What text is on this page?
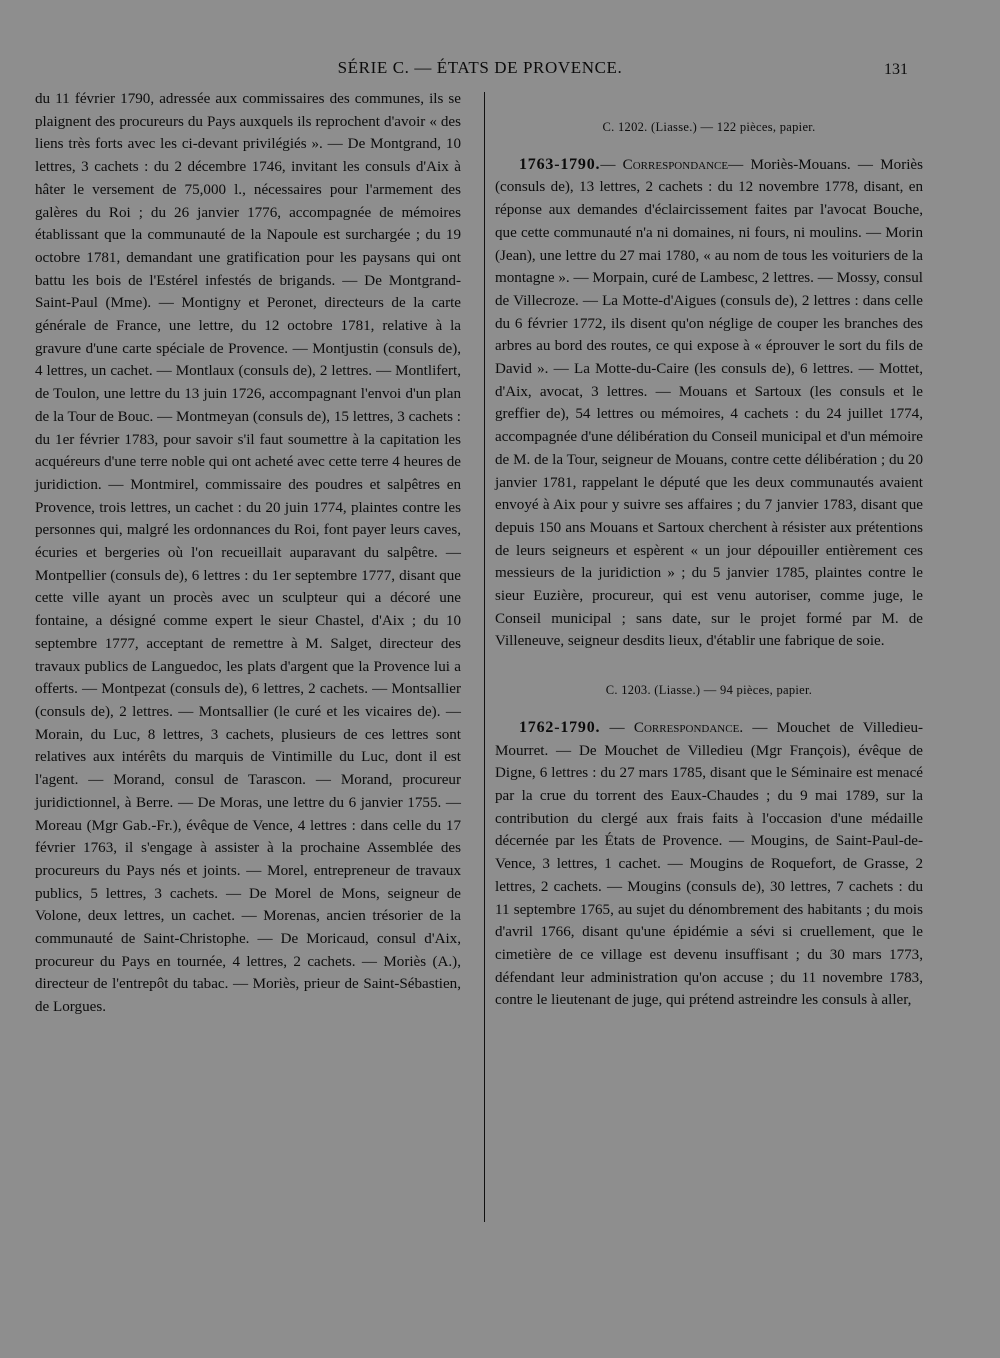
SÉRIE C. — ÉTATS DE PROVENCE.	131

du 11 février 1790, adressée aux commissaires des communes, ils se plaignent des procureurs du Pays auxquels ils reprochent d'avoir « des liens très forts avec les ci-devant privilégiés ». — De Montgrand, 10 lettres, 3 cachets : du 2 décembre 1746, invitant les consuls d'Aix à hâter le versement de 75,000 l., nécessaires pour l'armement des galères du Roi ; du 26 janvier 1776, accompagnée de mémoires établissant que la communauté de la Napoule est surchargée ; du 19 octobre 1781, demandant une gratification pour les paysans qui ont battu les bois de l'Estérel infestés de brigands. — De Montgrand-Saint-Paul (Mme). — Montigny et Peronet, directeurs de la carte générale de France, une lettre, du 12 octobre 1781, relative à la gravure d'une carte spéciale de Provence. — Montjustin (consuls de), 4 lettres, un cachet. — Montlaux (consuls de), 2 lettres. — Montlifert, de Toulon, une lettre du 13 juin 1726, accompagnant l'envoi d'un plan de la Tour de Bouc. — Montmeyan (consuls de), 15 lettres, 3 cachets : du 1er février 1783, pour savoir s'il faut soumettre à la capitation les acquéreurs d'une terre noble qui ont acheté avec cette terre 4 heures de juridiction. — Montmirel, commissaire des poudres et salpêtres en Provence, trois lettres, un cachet : du 20 juin 1774, plaintes contre les personnes qui, malgré les ordonnances du Roi, font payer leurs caves, écuries et bergeries où l'on recueillait auparavant du salpêtre. — Montpellier (consuls de), 6 lettres : du 1er septembre 1777, disant que cette ville ayant un procès avec un sculpteur qui a décoré une fontaine, a désigné comme expert le sieur Chastel, d'Aix ; du 10 septembre 1777, acceptant de remettre à M. Salget, directeur des travaux publics de Languedoc, les plats d'argent que la Provence lui a offerts. — Montpezat (consuls de), 6 lettres, 2 cachets. — Montsallier (consuls de), 2 lettres. — Montsallier (le curé et les vicaires de). — Morain, du Luc, 8 lettres, 3 cachets, plusieurs de ces lettres sont relatives aux intérêts du marquis de Vintimille du Luc, dont il est l'agent. — Morand, consul de Tarascon. — Morand, procureur juridictionnel, à Berre. — De Moras, une lettre du 6 janvier 1755. — Moreau (Mgr Gab.-Fr.), évêque de Vence, 4 lettres : dans celle du 17 février 1763, il s'engage à assister à la prochaine Assemblée des procureurs du Pays nés et joints. — Morel, entrepreneur de travaux publics, 5 lettres, 3 cachets. — De Morel de Mons, seigneur de Volone, deux lettres, un cachet. — Morenas, ancien trésorier de la communauté de Saint-Christophe. — De Moricaud, consul d'Aix, procureur du Pays en tournée, 4 lettres, 2 cachets. — Moriès (A.), directeur de l'entrepôt du tabac. — Moriès, prieur de Saint-Sébastien, de Lorgues.

C. 1202. (Liasse.) — 122 pièces, papier.

1763-1790.— Correspondance— Moriès-Mouans. — Moriès (consuls de), 13 lettres, 2 cachets : du 12 novembre 1778, disant, en réponse aux demandes d'éclaircissement faites par l'avocat Bouche, que cette communauté n'a ni domaines, ni fours, ni moulins. — Morin (Jean), une lettre du 27 mai 1780, « au nom de tous les voituriers de la montagne ». — Morpain, curé de Lambesc, 2 lettres. — Mossy, consul de Villecroze. — La Motte-d'Aigues (consuls de), 2 lettres : dans celle du 6 février 1772, ils disent qu'on néglige de couper les branches des arbres au bord des routes, ce qui expose à « éprouver le sort du fils de David ». — La Motte-du-Caire (les consuls de), 6 lettres. — Mottet, d'Aix, avocat, 3 lettres. — Mouans et Sartoux (les consuls et le greffier de), 54 lettres ou mémoires, 4 cachets : du 24 juillet 1774, accompagnée d'une délibération du Conseil municipal et d'un mémoire de M. de la Tour, seigneur de Mouans, contre cette délibération ; du 20 janvier 1781, rappelant le député que les deux communautés avaient envoyé à Aix pour y suivre ses affaires ; du 7 janvier 1783, disant que depuis 150 ans Mouans et Sartoux cherchent à résister aux prétentions de leurs seigneurs et espèrent « un jour dépouiller entièrement ces messieurs de la juridiction » ; du 5 janvier 1785, plaintes contre le sieur Euzière, procureur, qui est venu autoriser, comme juge, le Conseil municipal ; sans date, sur le projet formé par M. de Villeneuve, seigneur desdits lieux, d'établir une fabrique de soie.

C. 1203. (Liasse.) — 94 pièces, papier.

1762-1790. — Correspondance. — Mouchet de Villedieu-Mourret. — De Mouchet de Villedieu (Mgr François), évêque de Digne, 6 lettres : du 27 mars 1785, disant que le Séminaire est menacé par la crue du torrent des Eaux-Chaudes ; du 9 mai 1789, sur la contribution du clergé aux frais faits à l'occasion d'une médaille décernée par les États de Provence. — Mougins, de Saint-Paul-de-Vence, 3 lettres, 1 cachet. — Mougins de Roquefort, de Grasse, 2 lettres, 2 cachets. — Mougins (consuls de), 30 lettres, 7 cachets : du 11 septembre 1765, au sujet du dénombrement des habitants ; du mois d'avril 1766, disant qu'une épidémie a sévi si cruellement, que le cimetière de ce village est devenu insuffisant ; du 30 mars 1773, défendant leur administration qu'on accuse ; du 11 novembre 1783, contre le lieutenant de juge, qui prétend astreindre les consuls à aller,
